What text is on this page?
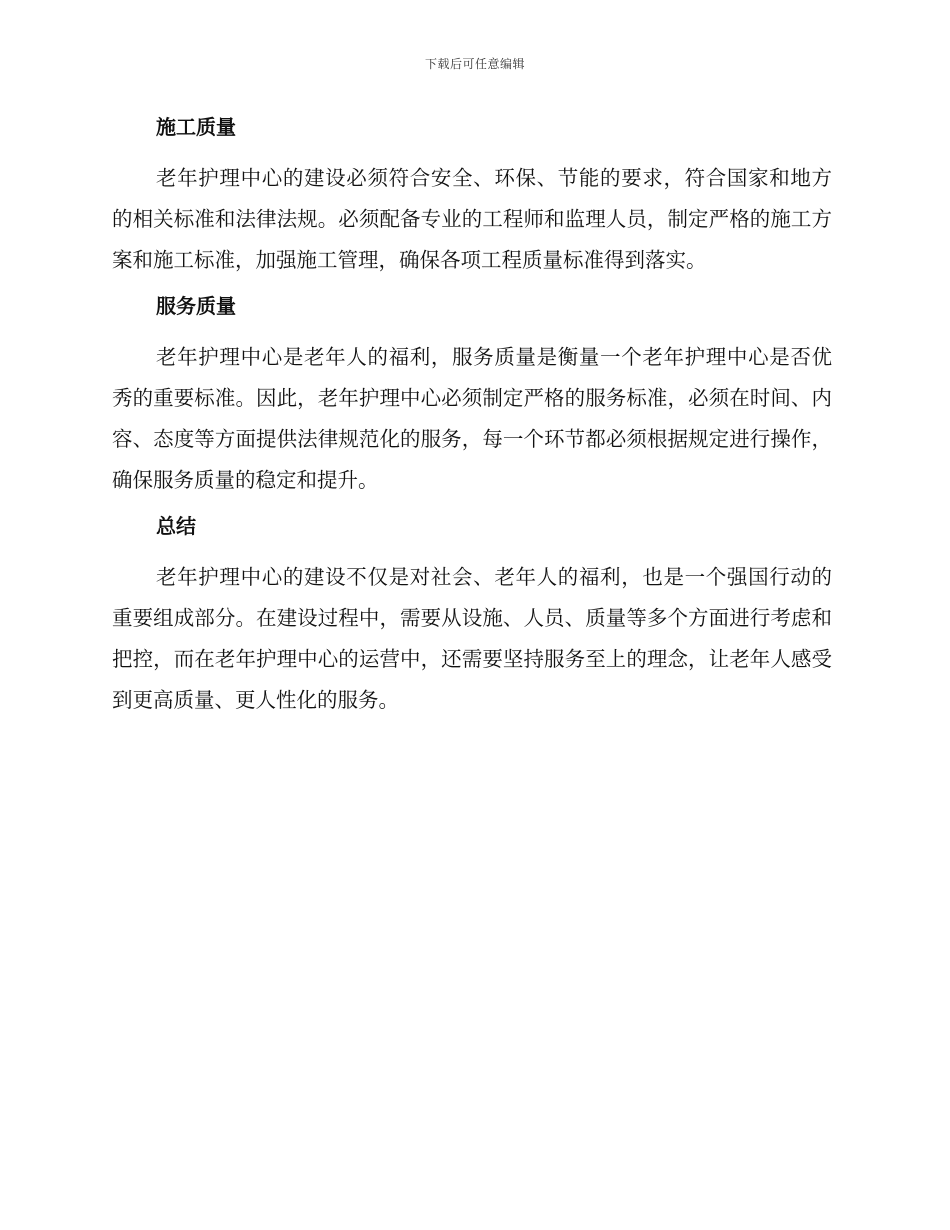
下载后可任意编辑
施工质量

老年护理中心的建设必须符合安全、环保、节能的要求，符合国家和地方的相关标准和法律法规。必须配备专业的工程师和监理人员，制定严格的施工方案和施工标准，加强施工管理，确保各项工程质量标准得到落实。

服务质量

老年护理中心是老年人的福利，服务质量是衡量一个老年护理中心是否优秀的重要标准。因此，老年护理中心必须制定严格的服务标准，必须在时间、内容、态度等方面提供法律规范化的服务，每一个环节都必须根据规定进行操作，确保服务质量的稳定和提升。

总结

老年护理中心的建设不仅是对社会、老年人的福利，也是一个强国行动的重要组成部分。在建设过程中，需要从设施、人员、质量等多个方面进行考虑和把控，而在老年护理中心的运营中，还需要坚持服务至上的理念，让老年人感受到更高质量、更人性化的服务。
